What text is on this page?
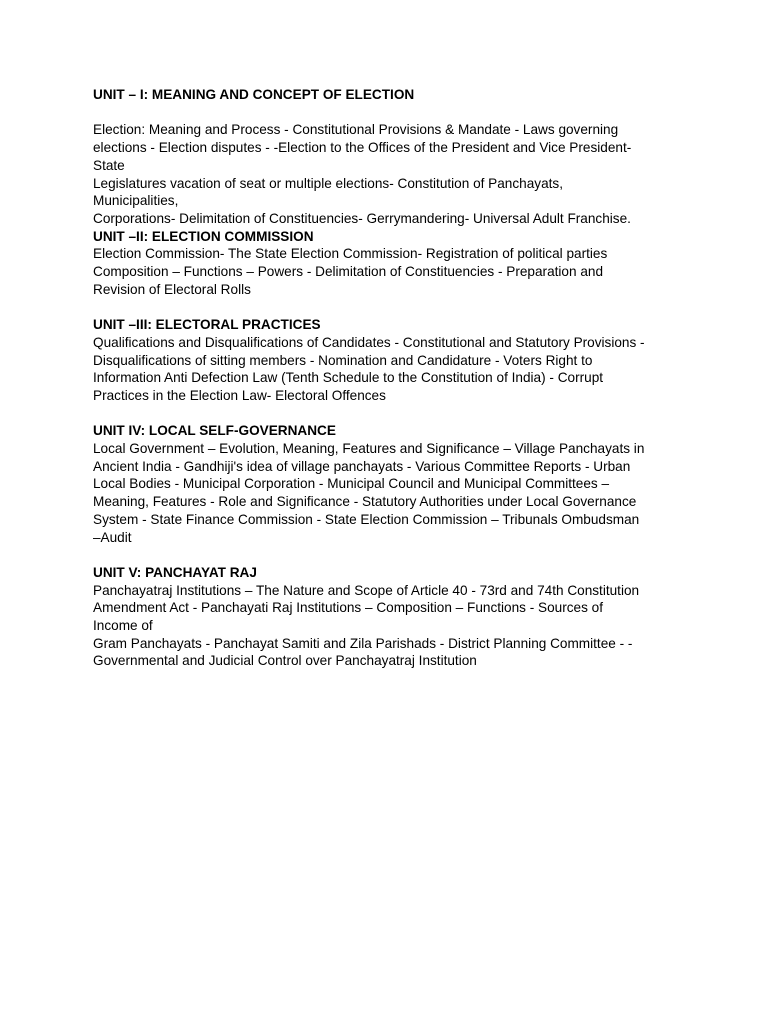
UNIT – I: MEANING AND CONCEPT OF ELECTION
Election: Meaning and Process - Constitutional Provisions & Mandate - Laws governing
elections - Election disputes - -Election to the Offices of the President and Vice President-
State
Legislatures vacation of seat or multiple elections- Constitution of Panchayats,
Municipalities,
Corporations- Delimitation of Constituencies- Gerrymandering- Universal Adult Franchise.
UNIT –II: ELECTION COMMISSION
Election Commission- The State Election Commission- Registration of political parties
Composition – Functions – Powers - Delimitation of Constituencies - Preparation and
Revision of Electoral Rolls
UNIT –III: ELECTORAL PRACTICES
Qualifications and Disqualifications of Candidates - Constitutional and Statutory Provisions -
Disqualifications of sitting members - Nomination and Candidature - Voters Right to
Information Anti Defection Law (Tenth Schedule to the Constitution of India) - Corrupt
Practices in the Election Law- Electoral Offences
UNIT IV: LOCAL SELF-GOVERNANCE
Local Government – Evolution, Meaning, Features and Significance – Village Panchayats in
Ancient India - Gandhiji's idea of village panchayats - Various Committee Reports - Urban
Local Bodies - Municipal Corporation - Municipal Council and Municipal Committees –
Meaning, Features - Role and Significance - Statutory Authorities under Local Governance
System - State Finance Commission - State Election Commission – Tribunals Ombudsman
–Audit
UNIT V: PANCHAYAT RAJ
Panchayatraj Institutions – The Nature and Scope of Article 40 - 73rd and 74th Constitution
Amendment Act - Panchayati Raj Institutions – Composition – Functions - Sources of
Income of
Gram Panchayats - Panchayat Samiti and Zila Parishads - District Planning Committee - -
Governmental and Judicial Control over Panchayatraj Institution
